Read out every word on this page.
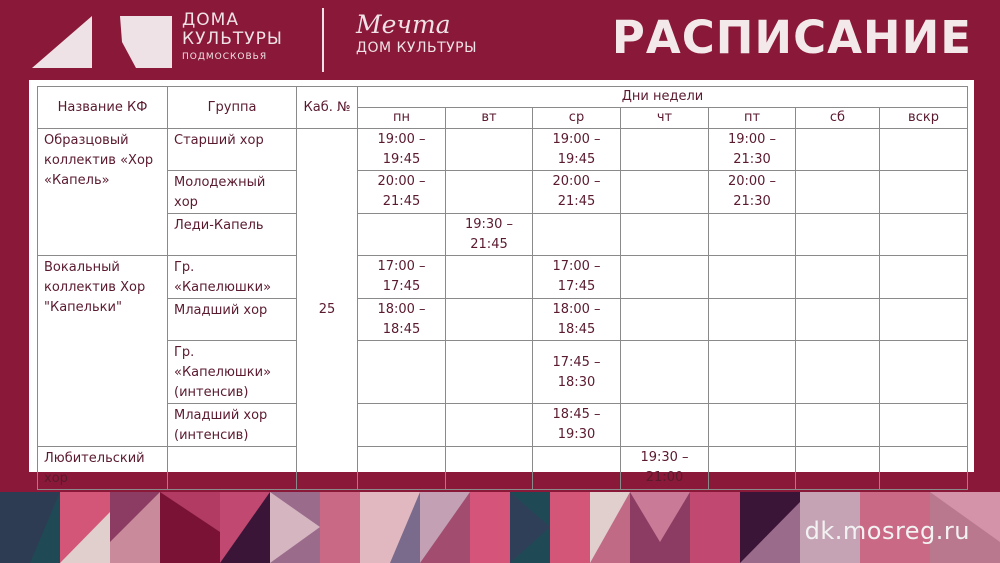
ДОМА
КУЛЬТУРЫ
ПОДМОСКОВЬЯ
Мечта
ДОМ КУЛЬТУРЫ	РАСПИСАНИЕ
Название КФ	Группа	Каб. №	Дни недели						
			пн	вт	ср	чт	пт	сб	вскр
Образцовый коллектив «Хор «Капель»	Старший хор	25	19:00 – 19:45		19:00 – 19:45		19:00 – 21:30		
	Молодежный хор		20:00 – 21:45		20:00 – 21:45		20:00 – 21:30		
	Леди-Капель			19:30 – 21:45					
Вокальный коллектив Хор "Капельки"	Гр. «Капелюшки»		17:00 – 17:45		17:00 – 17:45				
	Младший хор		18:00 – 18:45		18:00 – 18:45				
	Гр. «Капелюшки» (интенсив)				17:45 – 18:30				
	Младший хор (интенсив)				18:45 – 19:30				
Любительский хор						19:30 – 21:00			
dk.mosreg.ru
